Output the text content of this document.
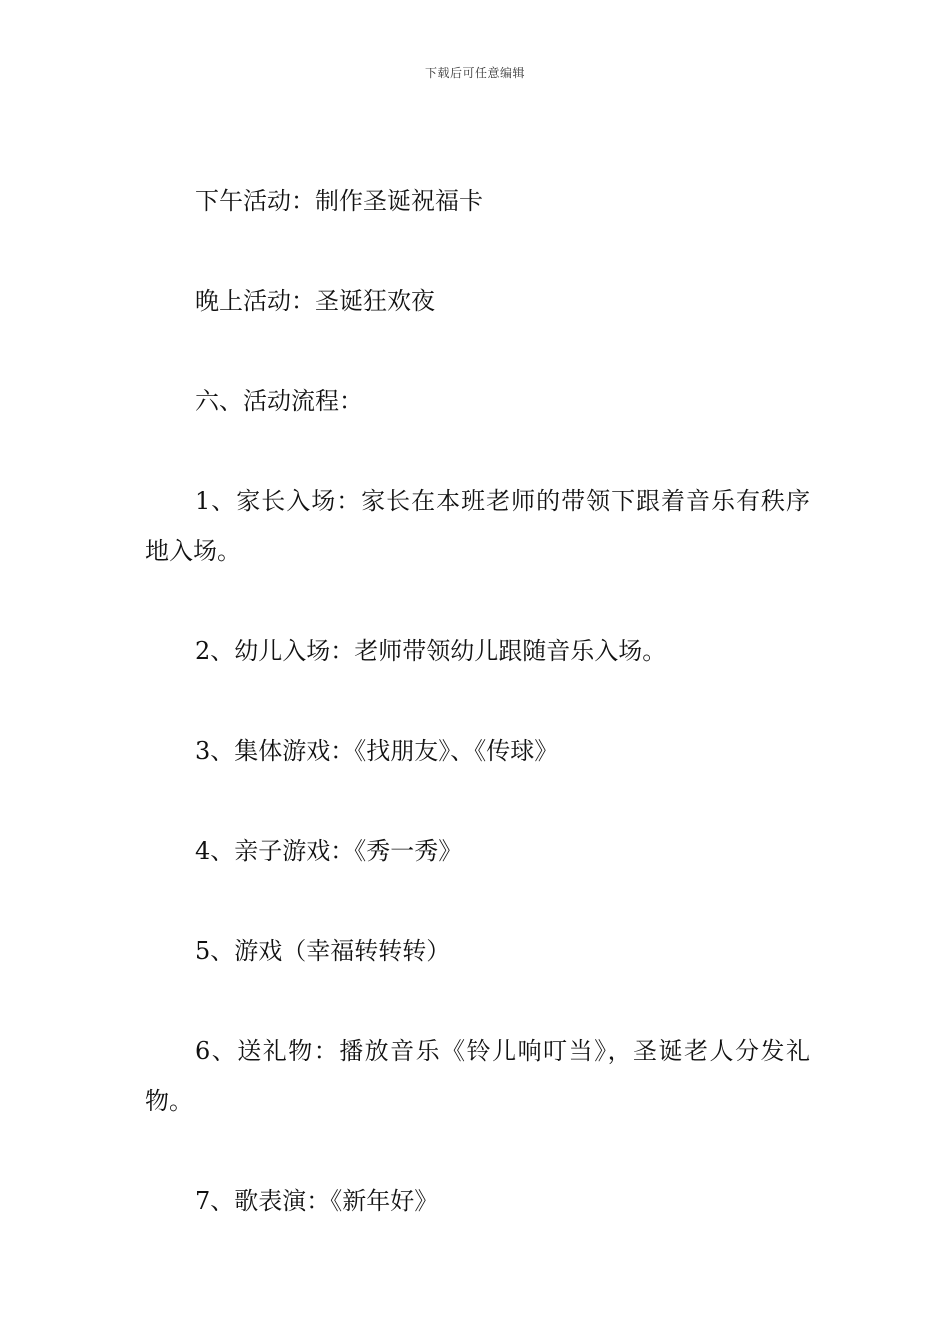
下载后可任意编辑

下午活动：制作圣诞祝福卡

晚上活动：圣诞狂欢夜

六、活动流程：

1、家长入场：家长在本班老师的带领下跟着音乐有秩序地入场。

2、幼儿入场：老师带领幼儿跟随音乐入场。

3、集体游戏：《找朋友》、《传球》

4、亲子游戏：《秀一秀》

5、游戏（幸福转转转）

6、送礼物：播放音乐《铃儿响叮当》，圣诞老人分发礼物。

7、歌表演：《新年好》
